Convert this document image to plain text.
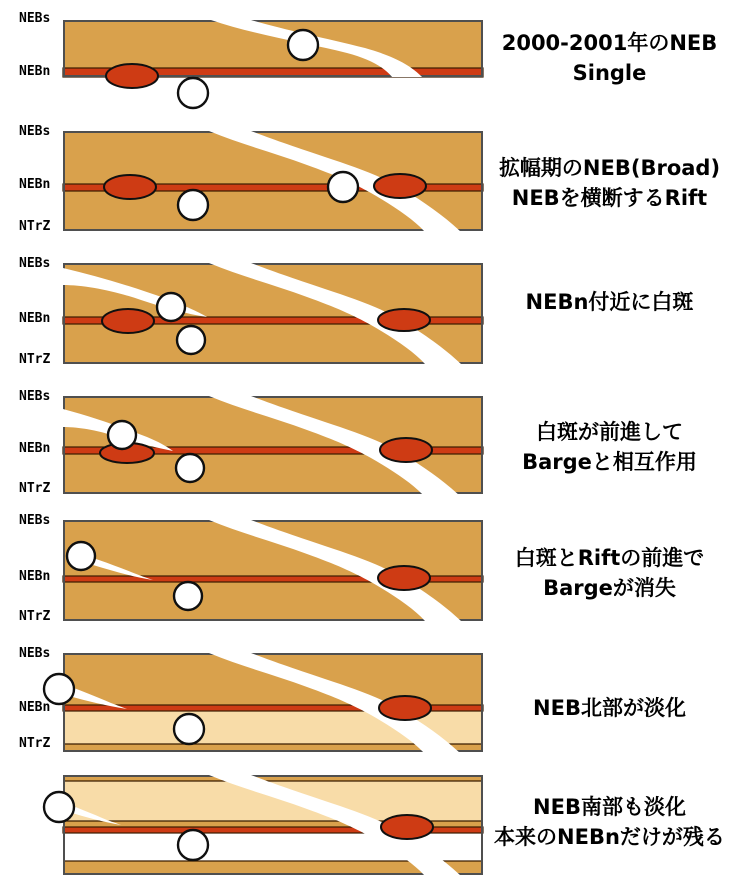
NEBs
NEBn
2000-2001年のNEB
Single
NEBs
NEBn
NTrZ
拡幅期のNEB(Broad)
NEBを横断するRift
NEBs
NEBn
NTrZ
NEBn付近に白斑
NEBs
NEBn
NTrZ
白斑が前進して
Bargeと相互作用
NEBs
NEBn
NTrZ
白斑とRiftの前進で
Bargeが消失
NEBs
NEBn
NTrZ
NEB北部が淡化
NEB南部も淡化
本来のNEBnだけが残る
